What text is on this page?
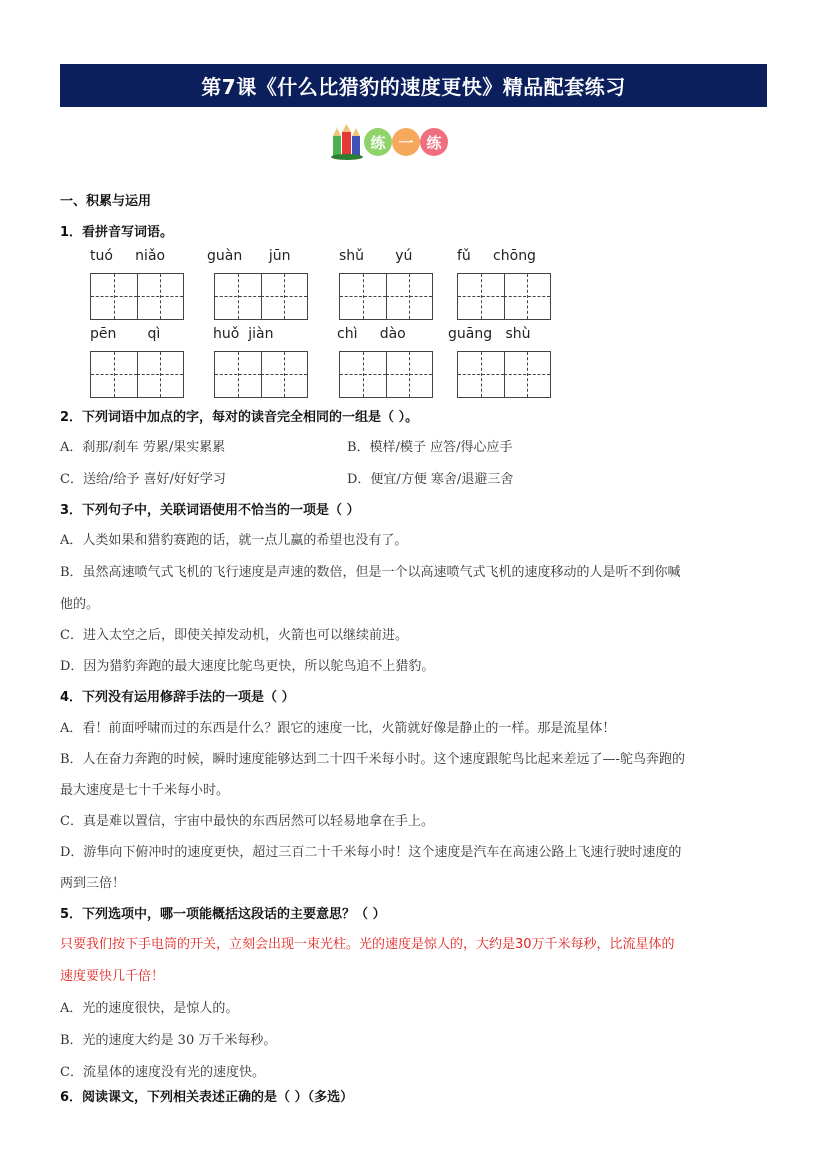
第7课《什么比猎豹的速度更快》精品配套练习
练 一 练
一、积累与运用
1．看拼音写词语。
tuó     niǎo	guàn      jūn	shǔ       yú	fǔ     chōng
pēn       qì	huǒ  jiàn	chì     dào	guāng   shù
2．下列词语中加点的字，每对的读音完全相同的一组是（ ）。
A．刹那/刹车 劳累/果实累累	B．模样/模子 应答/得心应手
C．送给/给予 喜好/好好学习	D．便宜/方便 寒舍/退避三舍
3．下列句子中，关联词语使用不恰当的一项是（ ）
A．人类如果和猎豹赛跑的话，就一点儿赢的希望也没有了。
B．虽然高速喷气式飞机的飞行速度是声速的数倍，但是一个以高速喷气式飞机的速度移动的人是听不到你喊
他的。
C．进入太空之后，即使关掉发动机，火箭也可以继续前进。
D．因为猎豹奔跑的最大速度比鸵鸟更快，所以鸵鸟追不上猎豹。
4．下列没有运用修辞手法的一项是（ ）
A．看！前面呼啸而过的东西是什么？跟它的速度一比，火箭就好像是静止的一样。那是流星体！
B．人在奋力奔跑的时候，瞬时速度能够达到二十四千米每小时。这个速度跟鸵鸟比起来差远了—-鸵鸟奔跑的
最大速度是七十千米每小时。
C．真是难以置信，宇宙中最快的东西居然可以轻易地拿在手上。
D．游隼向下俯冲时的速度更快，超过三百二十千米每小时！这个速度是汽车在高速公路上飞速行驶时速度的
两到三倍！
5．下列选项中，哪一项能概括这段话的主要意思？（ ）
只要我们按下手电筒的开关，立刻会出现一束光柱。光的速度是惊人的，大约是30万千米每秒，比流星体的
速度要快几千倍！
A．光的速度很快，是惊人的。
B．光的速度大约是 30 万千米每秒。
C．流星体的速度没有光的速度快。
6．阅读课文，下列相关表述正确的是（ ）（多选）
